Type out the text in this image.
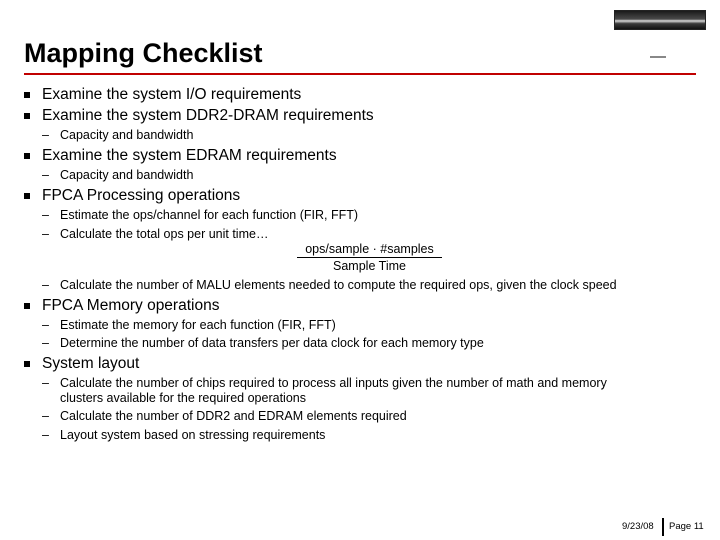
Mapping Checklist
Examine the system I/O requirements
Examine the system DDR2-DRAM requirements
– Capacity and bandwidth
Examine the system EDRAM requirements
– Capacity and bandwidth
FPCA Processing operations
– Estimate the ops/channel for each function (FIR, FFT)
– Calculate the total ops per unit time…
ops/sample · #samples
Sample Time
– Calculate the number of MALU elements needed to compute the required ops, given the clock speed
FPCA Memory operations
– Estimate the memory for each function (FIR, FFT)
– Determine the number of data transfers per data clock for each memory type
System layout
– Calculate the number of chips required to process all inputs given the number of math and memory
clusters available for the required operations
– Calculate the number of DDR2 and EDRAM elements required
– Layout system based on stressing requirements
9/23/08 Page 11
